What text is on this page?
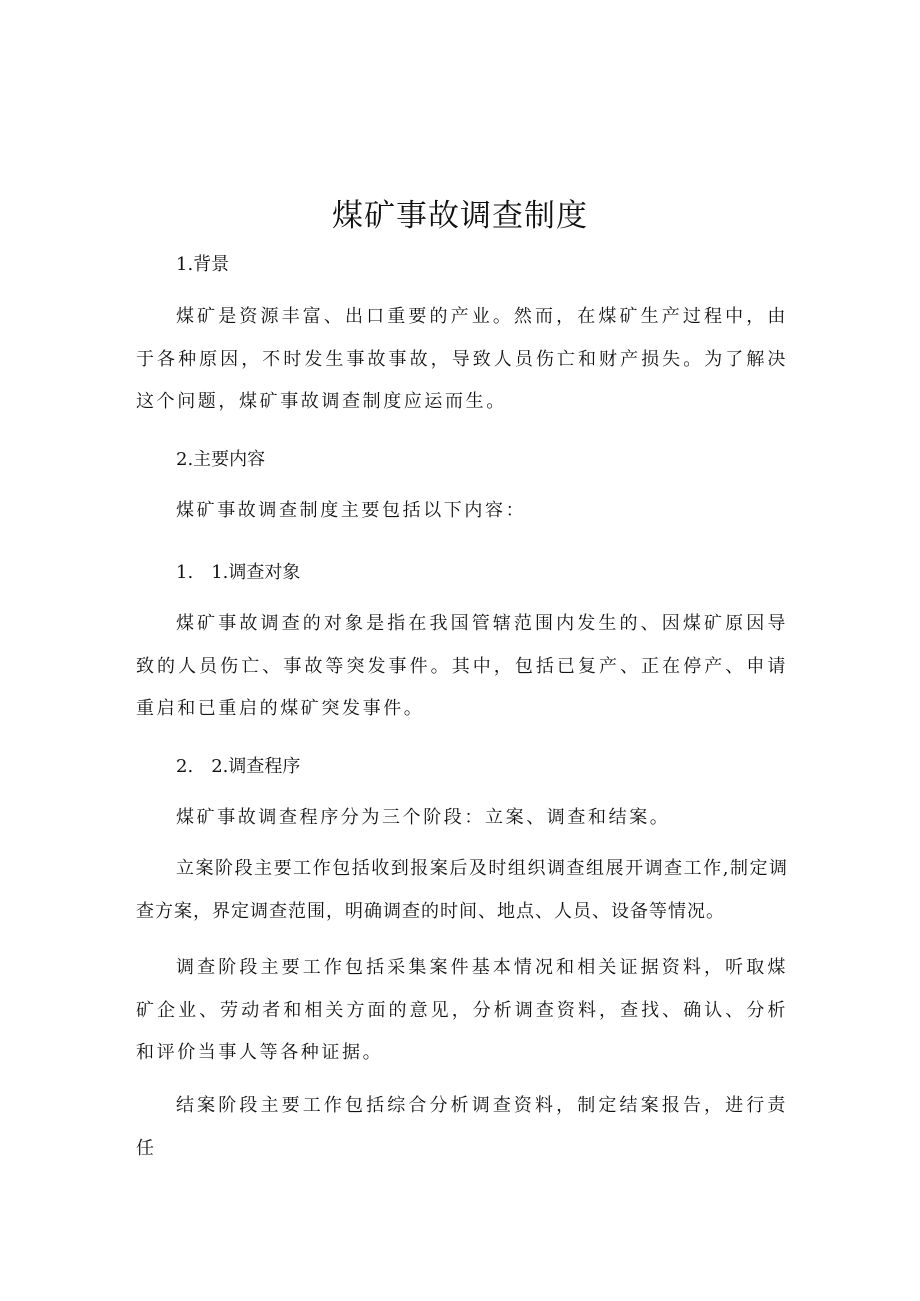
煤矿事故调查制度
1.背景
煤矿是资源丰富、出口重要的产业。然而，在煤矿生产过程中，由于各种原因，不时发生事故事故，导致人员伤亡和财产损失。为了解决这个问题，煤矿事故调查制度应运而生。
2.主要内容
煤矿事故调查制度主要包括以下内容：
1. 1.调查对象
煤矿事故调查的对象是指在我国管辖范围内发生的、因煤矿原因导致的人员伤亡、事故等突发事件。其中，包括已复产、正在停产、申请重启和已重启的煤矿突发事件。
2. 2.调查程序
煤矿事故调查程序分为三个阶段：立案、调查和结案。
立案阶段主要工作包括收到报案后及时组织调查组展开调查工作,制定调查方案，界定调查范围，明确调查的时间、地点、人员、设备等情况。
调查阶段主要工作包括采集案件基本情况和相关证据资料，听取煤矿企业、劳动者和相关方面的意见，分析调查资料，查找、确认、分析和评价当事人等各种证据。
结案阶段主要工作包括综合分析调查资料，制定结案报告，进行责任
